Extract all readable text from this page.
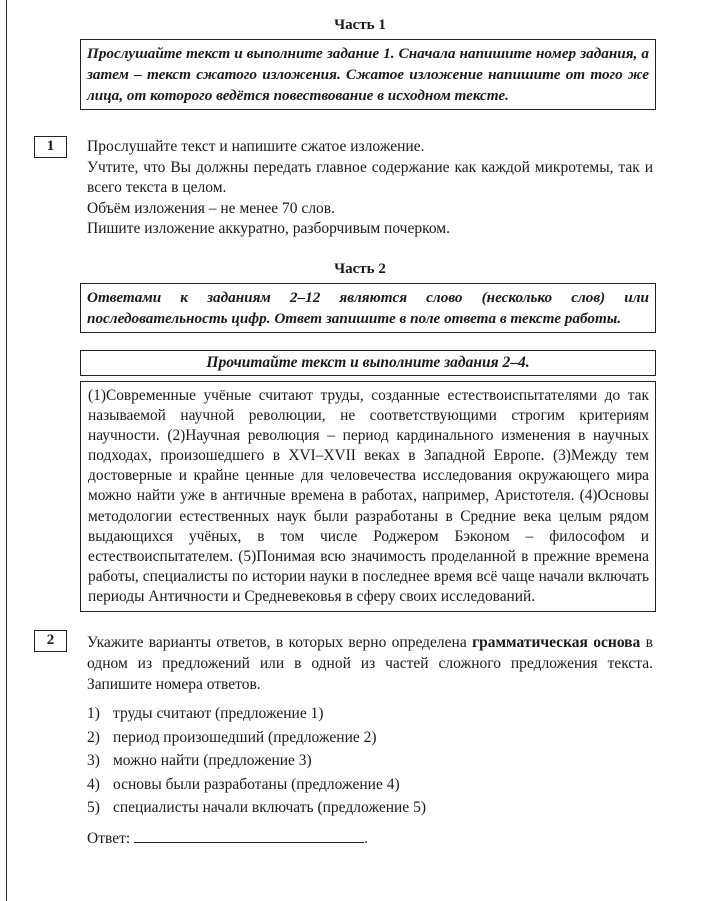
Часть 1
Прослушайте текст и выполните задание 1. Сначала напишите номер задания, а затем – текст сжатого изложения. Сжатое изложение напишите от того же лица, от которого ведётся повествование в исходном тексте.
1	Прослушайте текст и напишите сжатое изложение.

Учтите, что Вы должны передать главное содержание как каждой микротемы, так и всего текста в целом.

Объём изложения – не менее 70 слов.

Пишите изложение аккуратно, разборчивым почерком.

Часть 2
Ответами к заданиям 2–12 являются слово (несколько слов) или последовательность цифр. Ответ запишите в поле ответа в тексте работы.
Прочитайте текст и выполните задания 2–4.
(1)Современные учёные считают труды, созданные естествоиспытателями до так называемой научной революции, не соответствующими строгим критериям научности. (2)Научная революция – период кардинального изменения в научных подходах, произошедшего в XVI–XVII веках в Западной Европе. (3)Между тем достоверные и крайне ценные для человечества исследования окружающего мира можно найти уже в античные времена в работах, например, Аристотеля. (4)Основы методологии естественных наук были разработаны в Средние века целым рядом выдающихся учёных, в том числе Роджером Бэконом – философом и естествоиспытателем. (5)Понимая всю значимость проделанной в прежние времена работы, специалисты по истории науки в последнее время всё чаще начали включать периоды Античности и Средневековья в сферу своих исследований.
2	Укажите варианты ответов, в которых верно определена грамматическая основа в одном из предложений или в одной из частей сложного предложения текста. Запишите номера ответов.
1) труды считают (предложение 1)
2) период произошедший (предложение 2)
3) можно найти (предложение 3)
4) основы были разработаны (предложение 4)
5) специалисты начали включать (предложение 5)
Ответ:	.
